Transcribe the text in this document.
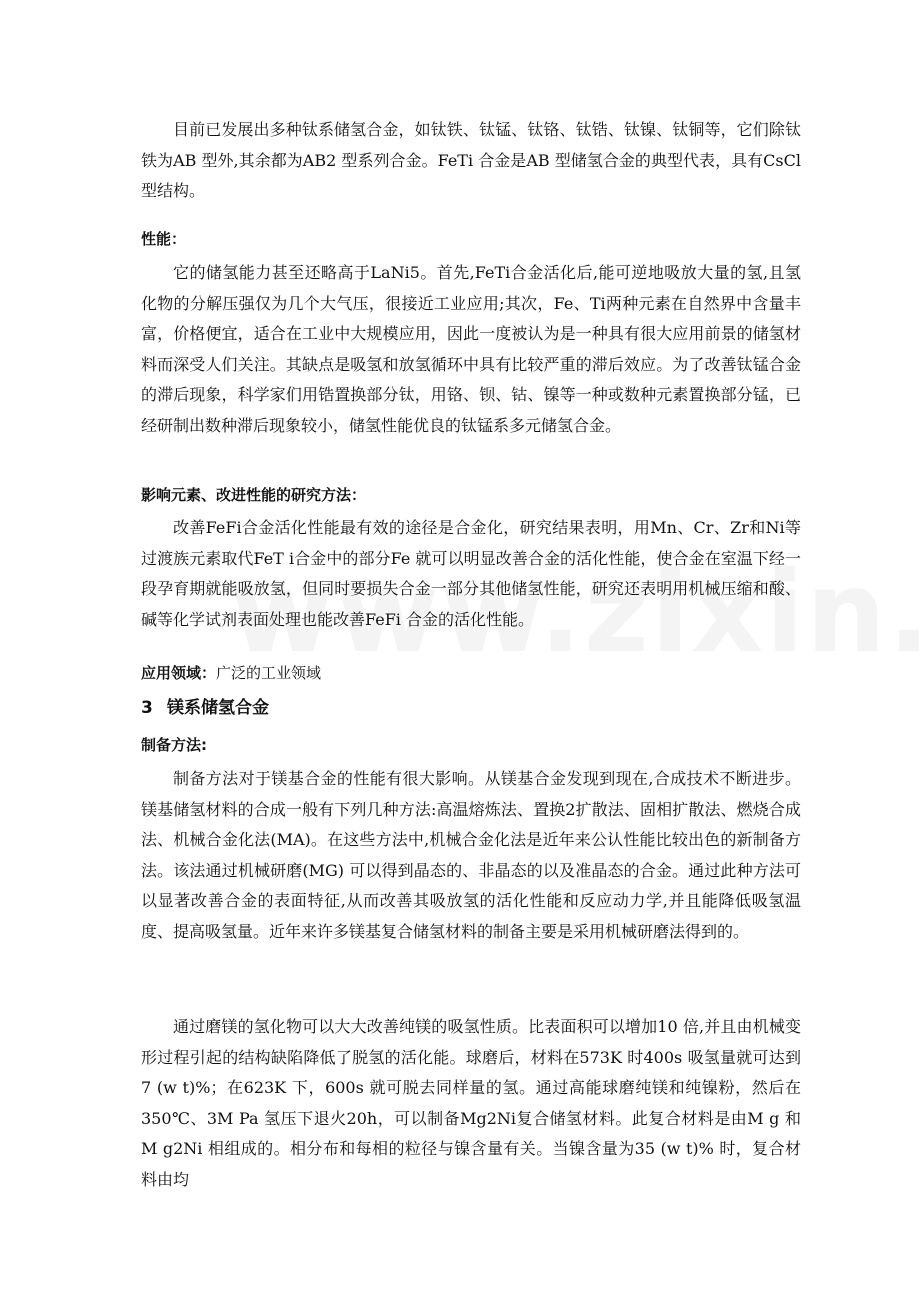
目前已发展出多种钛系储氢合金，如钛铁、钛锰、钛铬、钛锆、钛镍、钛铜等，它们除钛铁为AB 型外,其余都为AB2 型系列合金。FeTi 合金是AB 型储氢合金的典型代表，具有CsCl型结构。

性能：

它的储氢能力甚至还略高于LaNi5。首先,FeTi合金活化后,能可逆地吸放大量的氢,且氢化物的分解压强仅为几个大气压，很接近工业应用;其次，Fe、Ti两种元素在自然界中含量丰富，价格便宜，适合在工业中大规模应用，因此一度被认为是一种具有很大应用前景的储氢材料而深受人们关注。其缺点是吸氢和放氢循环中具有比较严重的滞后效应。为了改善钛锰合金的滞后现象，科学家们用锆置换部分钛，用铬、钡、钴、镍等一种或数种元素置换部分锰，已经研制出数种滞后现象较小，储氢性能优良的钛锰系多元储氢合金。

影响元素、改进性能的研究方法：

改善FeFi合金活化性能最有效的途径是合金化，研究结果表明，用Mn、Cr、Zr和Ni等过渡族元素取代FeT i合金中的部分Fe 就可以明显改善合金的活化性能，使合金在室温下经一段孕育期就能吸放氢，但同时要损失合金一部分其他储氢性能，研究还表明用机械压缩和酸、碱等化学试剂表面处理也能改善FeFi 合金的活化性能。

应用领域：广泛的工业领域
3 镁系储氢合金
制备方法:

制备方法对于镁基合金的性能有很大影响。从镁基合金发现到现在,合成技术不断进步。镁基储氢材料的合成一般有下列几种方法:高温熔炼法、置换2扩散法、固相扩散法、燃烧合成法、机械合金化法(MA)。在这些方法中,机械合金化法是近年来公认性能比较出色的新制备方法。该法通过机械研磨(MG) 可以得到晶态的、非晶态的以及准晶态的合金。通过此种方法可以显著改善合金的表面特征,从而改善其吸放氢的活化性能和反应动力学,并且能降低吸氢温度、提高吸氢量。近年来许多镁基复合储氢材料的制备主要是采用机械研磨法得到的。

通过磨镁的氢化物可以大大改善纯镁的吸氢性质。比表面积可以增加10 倍,并且由机械变形过程引起的结构缺陷降低了脱氢的活化能。球磨后，材料在573K 时400s 吸氢量就可达到7 (w t)%；在623K 下，600s 就可脱去同样量的氢。通过高能球磨纯镁和纯镍粉，然后在350℃、3M Pa 氢压下退火20h，可以制备Mg2Ni复合储氢材料。此复合材料是由M g 和M g2Ni 相组成的。相分布和每相的粒径与镍含量有关。当镍含量为35 (w t)% 时，复合材料由均
